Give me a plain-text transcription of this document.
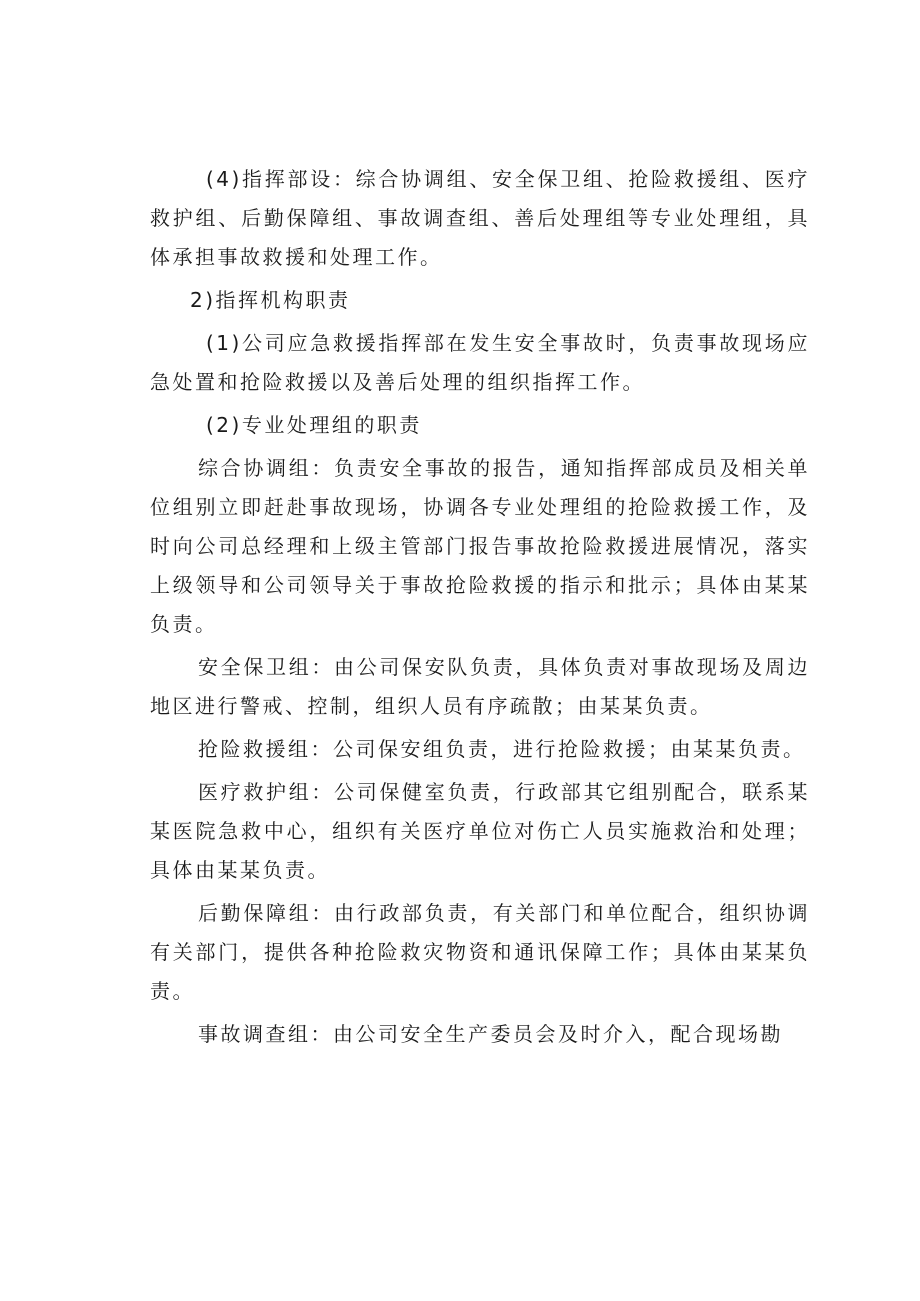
(4)指挥部设：综合协调组、安全保卫组、抢险救援组、医疗救护组、后勤保障组、事故调查组、善后处理组等专业处理组，具体承担事故救援和处理工作。

2)指挥机构职责

(1)公司应急救援指挥部在发生安全事故时，负责事故现场应急处置和抢险救援以及善后处理的组织指挥工作。

(2)专业处理组的职责

综合协调组：负责安全事故的报告，通知指挥部成员及相关单位组别立即赶赴事故现场，协调各专业处理组的抢险救援工作，及时向公司总经理和上级主管部门报告事故抢险救援进展情况，落实上级领导和公司领导关于事故抢险救援的指示和批示；具体由某某负责。

安全保卫组：由公司保安队负责，具体负责对事故现场及周边地区进行警戒、控制，组织人员有序疏散；由某某负责。

抢险救援组：公司保安组负责，进行抢险救援；由某某负责。

医疗救护组：公司保健室负责，行政部其它组别配合，联系某某医院急救中心，组织有关医疗单位对伤亡人员实施救治和处理；具体由某某负责。

后勤保障组：由行政部负责，有关部门和单位配合，组织协调有关部门，提供各种抢险救灾物资和通讯保障工作；具体由某某负责。

事故调查组：由公司安全生产委员会及时介入，配合现场勘
